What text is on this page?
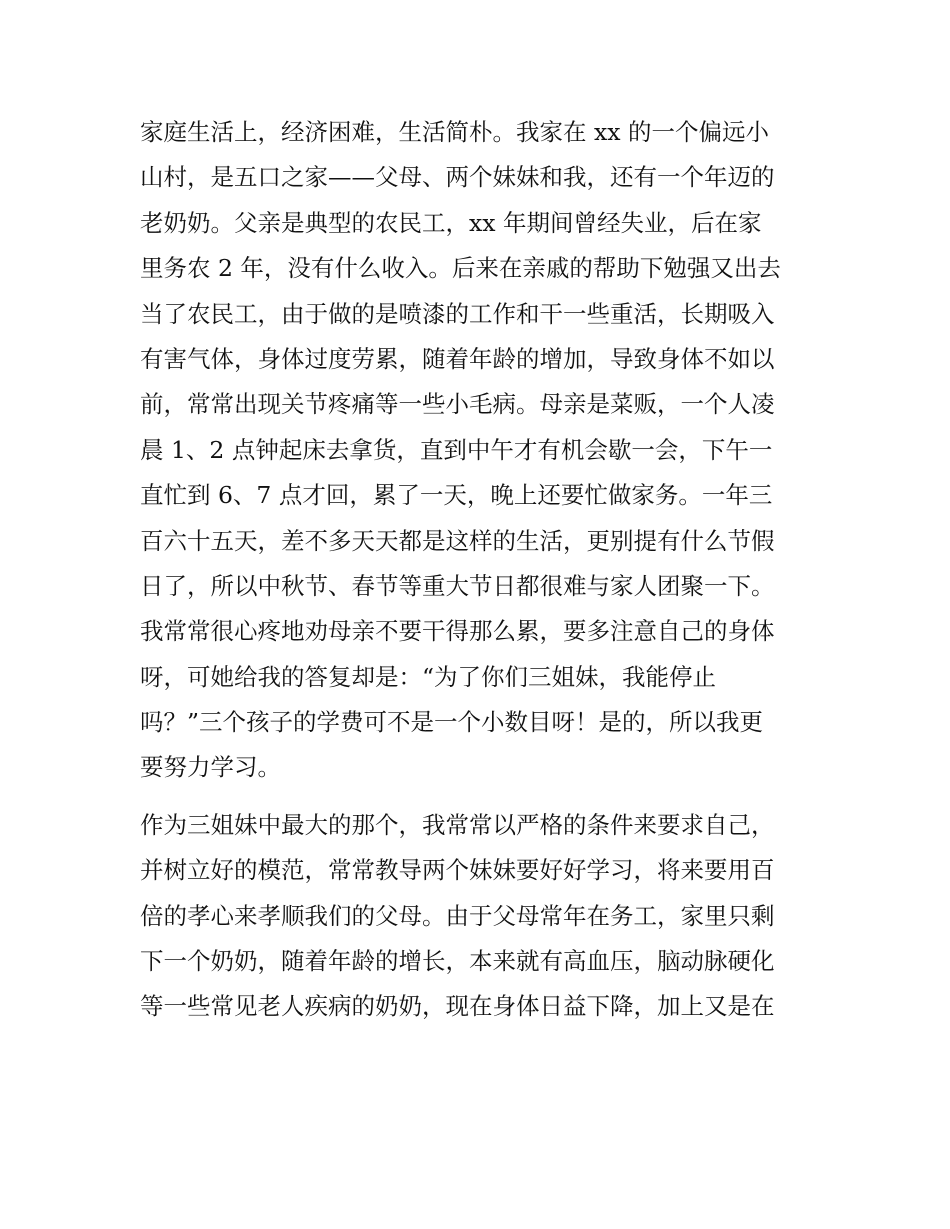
家庭生活上，经济困难，生活简朴。我家在 xx 的一个偏远小
山村，是五口之家——父母、两个妹妹和我，还有一个年迈的
老奶奶。父亲是典型的农民工，xx 年期间曾经失业，后在家
里务农 2 年，没有什么收入。后来在亲戚的帮助下勉强又出去
当了农民工，由于做的是喷漆的工作和干一些重活，长期吸入
有害气体，身体过度劳累，随着年龄的增加，导致身体不如以
前，常常出现关节疼痛等一些小毛病。母亲是菜贩，一个人凌
晨 1、2 点钟起床去拿货，直到中午才有机会歇一会，下午一
直忙到 6、7 点才回，累了一天，晚上还要忙做家务。一年三
百六十五天，差不多天天都是这样的生活，更别提有什么节假
日了，所以中秋节、春节等重大节日都很难与家人团聚一下。
我常常很心疼地劝母亲不要干得那么累，要多注意自己的身体
呀，可她给我的答复却是：“为了你们三姐妹，我能停止
吗？”三个孩子的学费可不是一个小数目呀！是的，所以我更
要努力学习。
作为三姐妹中最大的那个，我常常以严格的条件来要求自己，
并树立好的模范，常常教导两个妹妹要好好学习，将来要用百
倍的孝心来孝顺我们的父母。由于父母常年在务工，家里只剩
下一个奶奶，随着年龄的增长，本来就有高血压，脑动脉硬化
等一些常见老人疾病的奶奶，现在身体日益下降，加上又是在
